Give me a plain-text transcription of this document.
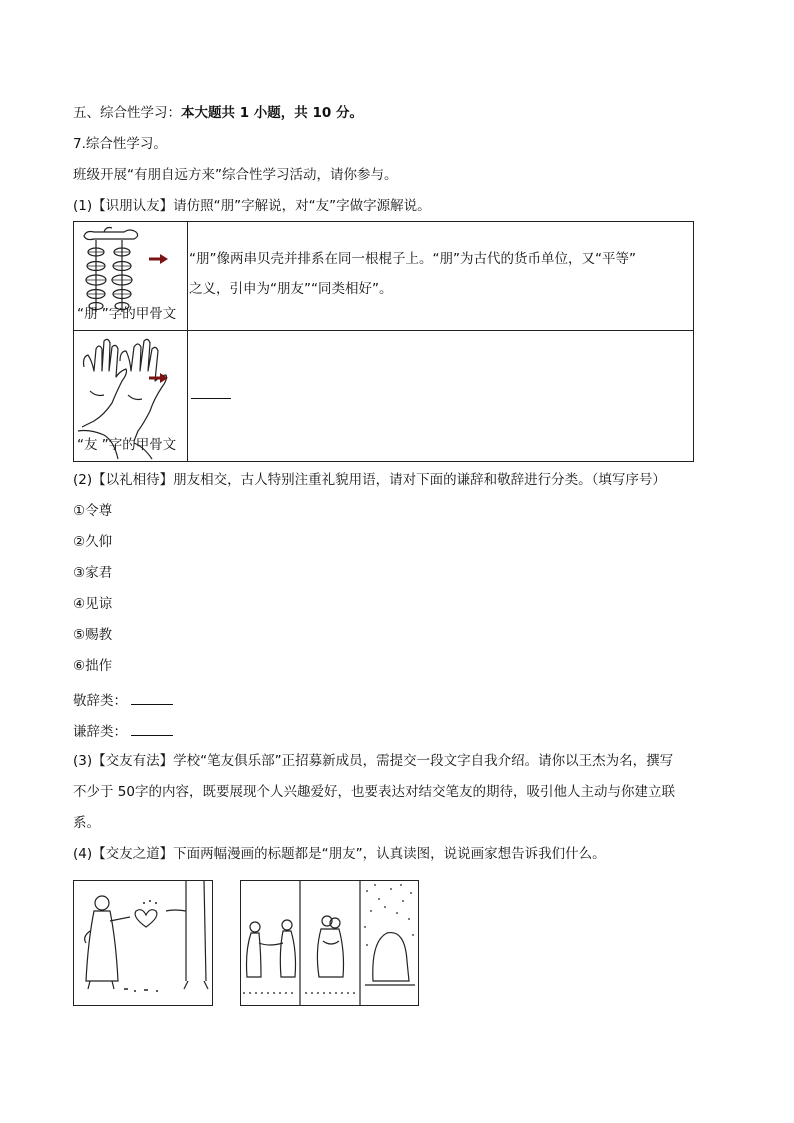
五、综合性学习：本大题共 1 小题，共 10 分。
7.综合性学习。
班级开展“有朋自远方来”综合性学习活动，请你参与。
(1)【识朋认友】请仿照“朋”字解说，对“友”字做字源解说。
“朋 ”字的甲骨文
“朋”像两串贝壳并排系在同一根棍子上。“朋”为古代的货币单位，又“平等”
之义，引申为“朋友”“同类相好”。
“友 ”字的甲骨文
(2)【以礼相待】朋友相交，古人特别注重礼貌用语，请对下面的谦辞和敬辞进行分类。（填写序号）
①令尊
②久仰
③家君
④见谅
⑤赐教
⑥拙作
敬辞类：
谦辞类：
(3)【交友有法】学校“笔友俱乐部”正招募新成员，需提交一段文字自我介绍。请你以王杰为名，撰写
不少于 50字的内容，既要展现个人兴趣爱好，也要表达对结交笔友的期待，吸引他人主动与你建立联
系。
(4)【交友之道】下面两幅漫画的标题都是“朋友”，认真读图，说说画家想告诉我们什么。
